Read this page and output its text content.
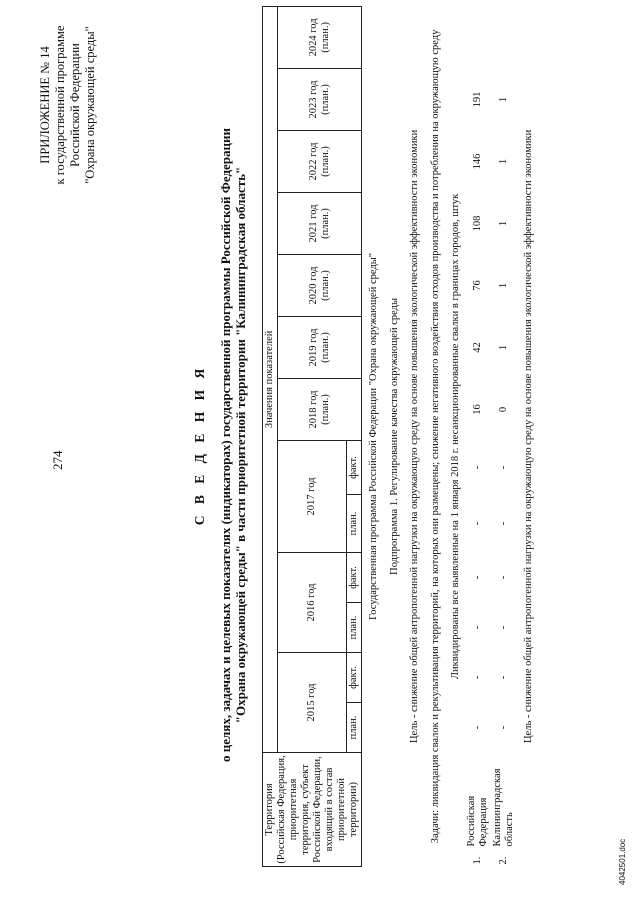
274
ПРИЛОЖЕНИЕ № 14 к государственной программе Российской Федерации "Охрана окружающей среды"
С В Е Д Е Н И Я о целях, задачах и целевых показателях (индикаторах) государственной программы Российской Федерации "Охрана окружающей среды" в части приоритетной территории "Калининградская область"
Территория (Российская Федерация, приоритетная территория, субъект Российской Федерации, входящий в состав приоритетной территории)		Значения показателей												
		2015 год		2016 год		2017 год		2018 год (план.)	2019 год (план.)	2020 год (план.)	2021 год (план.)	2022 год (план.)	2023 год (план.)	2024 год (план.)
		план.	факт.	план.	факт.	план.	факт.							
Государственная программа Российской Федерации "Охрана окружающей среды"														
Подпрограмма 1. Регулирование качества окружающей среды														
Цель - снижение общей антропогенной нагрузки на окружающую среду на основе повышения экологической эффективности экономики														
Задачи: ликвидация свалок и рекультивация территорий, на которых они размещены; снижение негативного воздействия отходов производства и потребления на окружающую среду														
Ликвидированы все выявленные на 1 января 2018 г. несанкционированные свалки в границах городов, штук														
1.	Российская Федерация	-	-	-	-	-	-	16	42	76	108	146	191	
2.	Калининградская область	-	-	-	-	-	-	0	1	1	1	1	1	
Цель - снижение общей антропогенной нагрузки на окружающую среду на основе повышения экологической эффективности экономики														
4042501.doc
